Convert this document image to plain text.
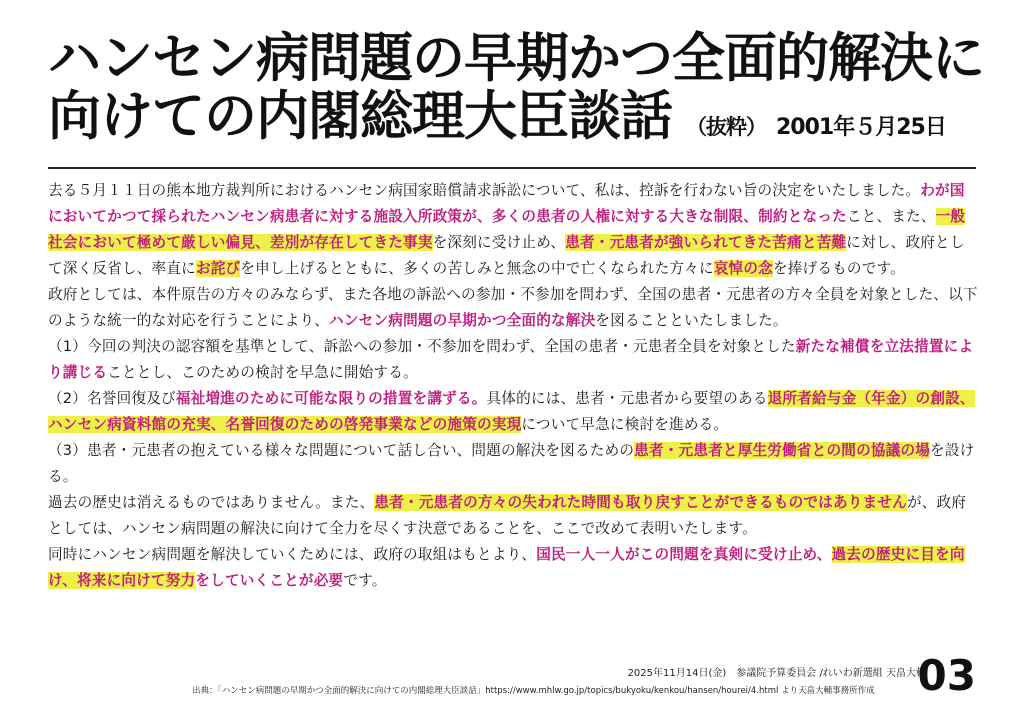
ハンセン病問題の早期かつ全面的解決に
向けての内閣総理大臣談話 （抜粋） 2001年５月25日

去る５月１１日の熊本地方裁判所におけるハンセン病国家賠償請求訴訟について、私は、控訴を行わない旨の決定をいたしました。わが国においてかつて採られたハンセン病患者に対する施設入所政策が、多くの患者の人権に対する大きな制限、制約となったこと、また、一般社会において極めて厳しい偏見、差別が存在してきた事実を深刻に受け止め、患者・元患者が強いられてきた苦痛と苦難に対し、政府として深く反省し、率直にお詫びを申し上げるとともに、多くの苦しみと無念の中で亡くなられた方々に哀悼の念を捧げるものです。

政府としては、本件原告の方々のみならず、また各地の訴訟への参加・不参加を問わず、全国の患者・元患者の方々全員を対象とした、以下のような統一的な対応を行うことにより、ハンセン病問題の早期かつ全面的な解決を図ることといたしました。

（1）今回の判決の認容額を基準として、訴訟への参加・不参加を問わず、全国の患者・元患者全員を対象とした新たな補償を立法措置により講じることとし、このための検討を早急に開始する。

（2）名誉回復及び福祉増進のために可能な限りの措置を講ずる。具体的には、患者・元患者から要望のある退所者給与金（年金）の創設、ハンセン病資料館の充実、名誉回復のための啓発事業などの施策の実現について早急に検討を進める。

（3）患者・元患者の抱えている様々な問題について話し合い、問題の解決を図るための患者・元患者と厚生労働省との間の協議の場を設ける。

過去の歴史は消えるものではありません。また、患者・元患者の方々の失われた時間も取り戻すことができるものではありませんが、政府としては、ハンセン病問題の解決に向けて全力を尽くす決意であることを、ここで改めて表明いたします。

同時にハンセン病問題を解決していくためには、政府の取組はもとより、国民一人一人がこの問題を真剣に受け止め、過去の歴史に目を向け、将来に向けて努力をしていくことが必要です。

2025年11月14日(金)　参議院予算委員会 /れいわ新選組 天畠大輔
出典：「ハンセン病問題の早期かつ全面的解決に向けての内閣総理大臣談話」https://www.mhlw.go.jp/topics/bukyoku/kenkou/hansen/hourei/4.html より天畠大輔事務所作成 03
